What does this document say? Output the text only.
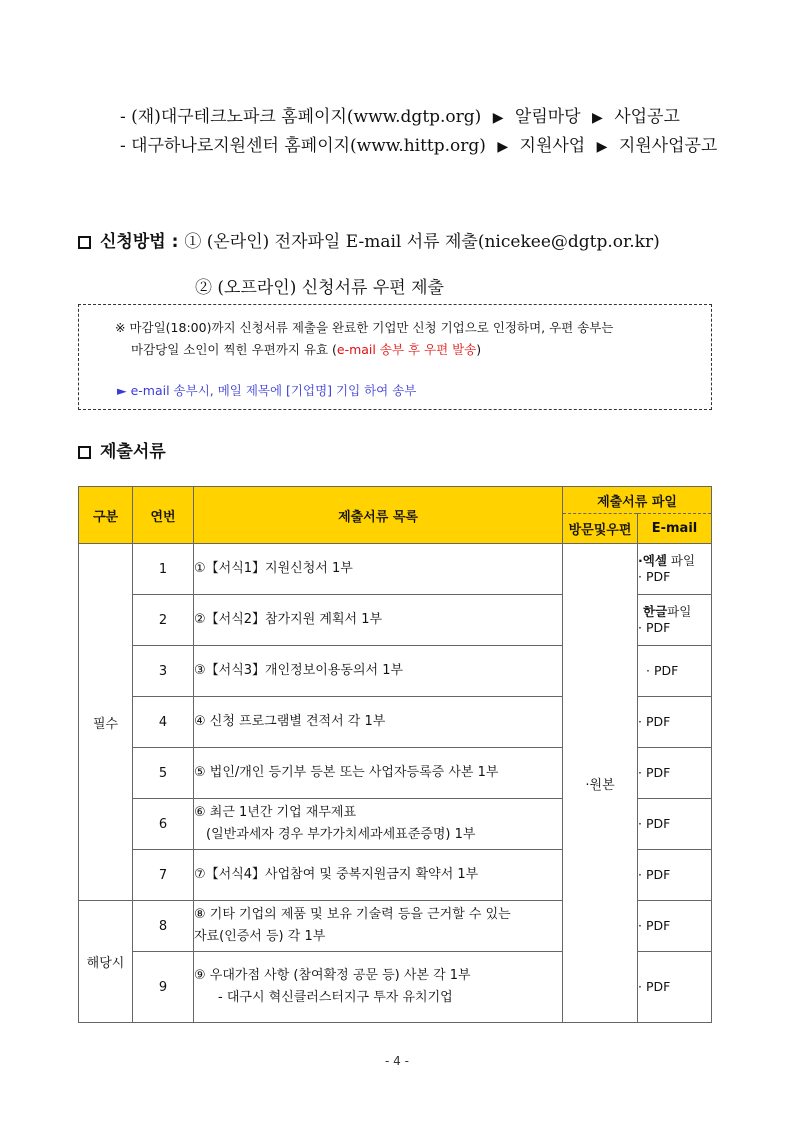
- (재)대구테크노파크 홈페이지(www.dgtp.org) ▶ 알림마당 ▶ 사업공고
- 대구하나로지원센터 홈페이지(www.hittp.org) ▶ 지원사업 ▶ 지원사업공고
신청방법 : ① (온라인) 전자파일 E-mail 서류 제출(nicekee@dgtp.or.kr)
② (오프라인) 신청서류 우편 제출
※ 마감일(18:00)까지 신청서류 제출을 완료한 기업만 신청 기업으로 인정하며, 우편 송부는
마감당일 소인이 찍힌 우편까지 유효 (e-mail 송부 후 우편 발송)
► e-mail 송부시, 메일 제목에 [기업명] 기입 하여 송부
제출서류
구분	연번	제출서류 목록	제출서류 파일	
			방문및우편	E-mail
필수	1	①【서식1】지원신청서 1부	·원본	·엑셀 파일
· PDF

	2	②【서식2】참가지원 계획서 1부		한글파일
· PDF

	3	③【서식3】개인정보이용동의서 1부		· PDF
	4	④ 신청 프로그램별 견적서 각 1부		· PDF
	5	⑤ 법인/개인 등기부 등본 또는 사업자등록증 사본 1부		· PDF
	6	⑥ 최근 1년간 기업 재무제표
(일반과세자 경우 부가가치세과세표준증명) 1부		· PDF
	7	⑦【서식4】사업참여 및 중복지원금지 확약서 1부		· PDF
해당시	8	⑧ 기타 기업의 제품 및 보유 기술력 등을 근거할 수 있는
자료(인증서 등) 각 1부		· PDF
	9	⑨ 우대가점 사항 (참여확정 공문 등) 사본 각 1부
- 대구시 혁신클러스터지구 투자 유치기업		· PDF
- 4 -
